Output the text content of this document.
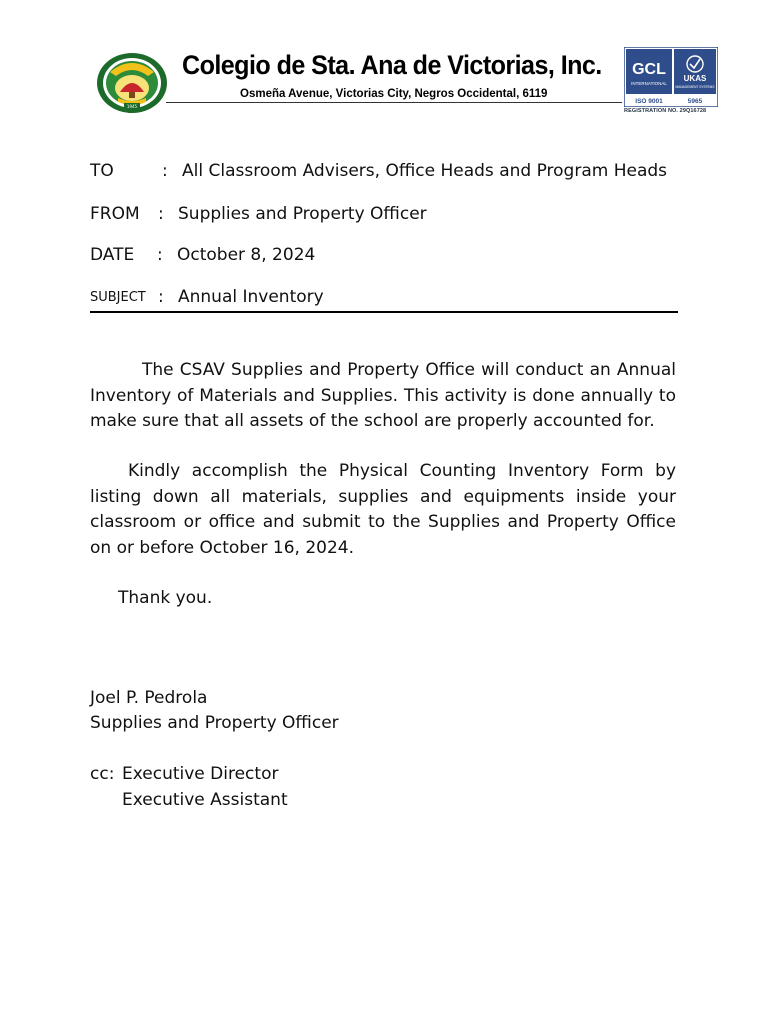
1945
Colegio de Sta. Ana de Victorias, Inc.
Osmeña Avenue, Victorias City, Negros Occidental, 6119
GCL
INTERNATIONAL
UKAS
MANAGEMENT SYSTEMS
ISO 9001	5965
REGISTRATION NO. 29Q16728
TO	: All Classroom Advisers, Office Heads and Program Heads
FROM : Supplies and Property Officer
DATE : October 8, 2024
SUBJECT : Annual Inventory
The CSAV Supplies and Property Office will conduct an Annual Inventory of Materials and Supplies. This activity is done annually to make sure that all assets of the school are properly accounted for.
Kindly accomplish the Physical Counting Inventory Form by listing down all materials, supplies and equipments inside your classroom or office and submit to the Supplies and Property Office on or before October 16, 2024.
Thank you.
Joel P. Pedrola
Supplies and Property Officer
cc: Executive Director
Executive Assistant
